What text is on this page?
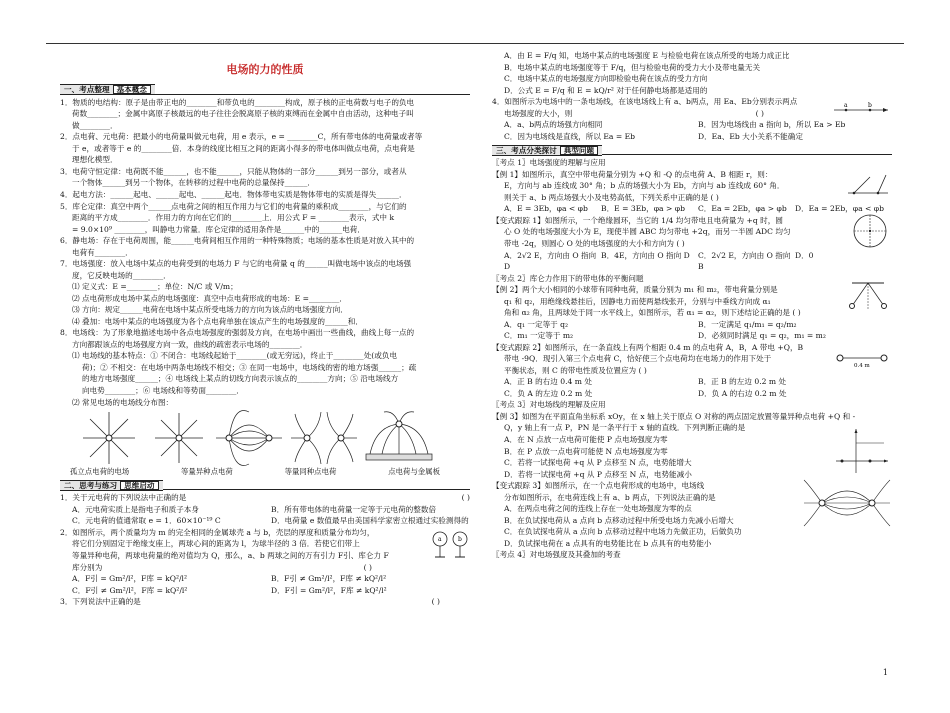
电场的力的性质
一、考点整理 基本概念

1．物质的电结构：原子是由带正电的________和带负电的________构成，原子核的正电荷数与电子的负电

荷数________；金属中离原子核最远的电子往往会脱离原子核的束缚而在金属中自由活动，这种电子叫

做________．

2．点电荷、元电荷：把最小的电荷量叫做元电荷，用 e 表示，e = ________C，所有带电体的电荷量或者等

于 e，或者等于 e 的________倍．本身的线度比相互之间的距离小得多的带电体叫做点电荷，点电荷是

理想化模型．

3．电荷守恒定律：电荷既不能______，也不能______，只能从物体的一部分______到另一部分，或者从

一个物体______到另一个物体，在转移的过程中电荷的总量保持______．

4．起电方法：______起电、______起电、______起电．物体带电实质是物体带电的实质是得失______．

5．库仑定律：真空中两个______点电荷之间的相互作用力与它们的电荷量的乘积成________，与它们的

距离的平方成________．作用力的方向在它们的________上．用公式 F = ________表示，式中 k

= 9.0×10⁹ ________，叫静电力常量．库仑定律的适用条件是______中的______电荷．

6．静电场：存在于电荷周围，能______电荷间相互作用的一种特殊物质；电场的基本性质是对放入其中的

电荷有________．

7．电场强度：放入电场中某点的电荷受到的电场力 F 与它的电荷量 q 的______叫做电场中该点的电场强

度，它反映电场的________．

⑴ 定义式：E =________；单位：N/C 或 V/m；

⑵ 点电荷形成电场中某点的电场强度：真空中点电荷形成的电场：E =________．

⑶ 方向：规定______电荷在电场中某点所受电场力的方向为该点的电场强度方向．

⑷ 叠加：电场中某点的电场强度为各个点电荷单独在该点产生的电场强度的______和．

8．电场线：为了形象地描述电场中各点电场强度的强弱及方向，在电场中画出一些曲线，曲线上每一点的

方向都跟该点的电场强度方向一致，曲线的疏密表示电场的________．

⑴ 电场线的基本特点：① 不闭合：电场线起始于________(或无穷远)，终止于________处(或负电

荷)；② 不相交：在电场中两条电场线不相交；③ 在同一电场中，电场线的密的地方场强______；疏

的地方电场强度______；④ 电场线上某点的切线方向表示该点的________方向；⑤ 沿电场线方

向电势________；⑥ 电场线和等势面________．

⑵ 常见电场的电场线分布图：

孤立点电荷的电场	等量异种点电荷	等量同种点电荷	点电荷与金属板
二、思考与练习 思维启动

1．关于元电荷的下列说法中正确的是	( )

A．元电荷实质上是指电子和质子本身	B．所有带电体的电荷量一定等于元电荷的整数倍
C．元电荷的值通常取 e = 1．60×10⁻¹⁹ C	D．电荷量 e 数值最早由美国科学家密立根通过实验测得的

2．如图所示，两个质量均为 m 的完全相同的金属球壳 a 与 b，壳层的厚度和质量分布均匀，

将它们分别固定于绝缘支座上，两球心间的距离为 l，为球半径的 3 倍．若使它们带上

等量异种电荷，两球电荷量的绝对值均为 Q，那么，a、b 两球之间的万有引力 F引、库仑力 F

库分别为	( )

a	b
A．F引 = Gm²/l²，F库 = kQ²/l²	B．F引 ≠ Gm²/l²，F库 ≠ kQ²/l²
C．F引 ≠ Gm²/l²，F库 = kQ²/l²	D．F引 = Gm²/l²，F库 ≠ kQ²/l²

3．下列说法中正确的是	( )

A．由 E = F/q 知，电场中某点的电场强度 E 与检验电荷在该点所受的电场力成正比

B．电场中某点的电场强度等于 F/q，但与检验电荷的受力大小及带电量无关

C．电场中某点的电场强度方向即检验电荷在该点的受力方向

D．公式 E = F/q 和 E = kQ/r² 对于任何静电场都是适用的

4．如图所示为电场中的一条电场线，在该电场线上有 a、b两点，用 Ea、Eb分别表示两点

电场强度的大小，则	( )

a	b
A．a、b两点的场强方向相同	B．因为电场线由 a 指向 b，所以 Ea > Eb
C．因为电场线是直线，所以 Ea = Eb	D．Ea、Eb 大小关系不能确定
三、考点分类探讨 典型问题

〖考点 1〗电场强度的理解与应用

【例 1】如图所示，真空中带电荷量分别为 +Q 和 -Q 的点电荷 A、B 相距 r，则：

E，方向与 ab 连线成 30° 角；b 点的场强大小为 Eb，方向与 ab 连线成 60° 角．

则关于 a、b 两点场强大小及电势高低，下列关系中正确的是 ( )

A．E = 3Eb，φa < φb	B．E = 3Eb，φa > φb	C．Ea = 2Eb，φa > φb	D．Ea = 2Eb，φa < φb

【变式跟踪 1】如图所示，一个绝缘圆环，当它的 1/4 均匀带电且电荷量为 +q 时，圆

心 O 处的电场强度大小为 E，现使半圆 ABC 均匀带电 +2q，而另一半圆 ADC 均匀

带电 -2q，则圆心 O 处的电场强度的大小和方向为 ( )

A．2√2 E，方向由 O 指向 D
B．4E，方向由 O 指向 D	C．2√2 E，方向由 O 指向 B
D．0

〖考点 2〗库仑力作用下的带电体的平衡问题

【例 2】两个大小相同的小球带有同种电荷，质量分别为 m₁ 和 m₂，带电荷量分别是

q₁ 和 q₂，用绝缘线悬挂后，因静电力而使两悬线张开，分别与中垂线方向成 α₁

角和 α₂ 角，且两球处于同一水平线上，如图所示，若 α₁ = α₂，则下述结论正确的是 ( )

A．q₁ 一定等于 q₂	B．一定满足 q₁/m₁ = q₂/m₂
C．m₁ 一定等于 m₂	D．必须同时满足 q₁ = q₂，m₁ = m₂

【变式跟踪 2】如图所示，在一条直线上有两个相距 0.4 m 的点电荷 A，B，A 带电 +Q，B

带电 -9Q．现引入第三个点电荷 C，恰好使三个点电荷均在电场力的作用下处于

平衡状态，则 C 的带电性质及位置应为 ( )

0.4 m
A．正 B 的右边 0.4 m 处	B．正 B 的左边 0.2 m 处
C．负 A 的左边 0.2 m 处	D．负 A 的右边 0.2 m 处

〖考点 3〗对电场线的理解及应用

【例 3】如图为在平面直角坐标系 xOy，在 x 轴上关于原点 O 对称的两点固定放置等量异种点电荷 +Q 和 -

Q，y 轴上有一点 P，PN 是一条平行于 x 轴的直线．下列判断正确的是

A．在 N 点放一点电荷可能使 P 点电场强度为零

B．在 P 点放一点电荷可能使 N 点电场强度为零

C．若将一试探电荷 +q 从 P 点移至 N 点，电势能增大

D．若将一试探电荷 +q 从 P 点移至 N 点，电势能减小

【变式跟踪 3】如图所示，在一个点电荷形成的电场中，电场线

分布如图所示，在电荷连线上有 a、b 两点，下列说法正确的是

A．在两点电荷之间的连线上存在一处电场强度为零的点

B．在负试探电荷从 a 点向 b 点移动过程中所受电场力先减小后增大

C．在负试探电荷从 a 点向 b 点移动过程中电场力先做正功，后做负功

D．负试探电荷在 a 点具有的电势能比在 b 点具有的电势能小

〖考点 4〗对电场强度及其叠加的考查

1
